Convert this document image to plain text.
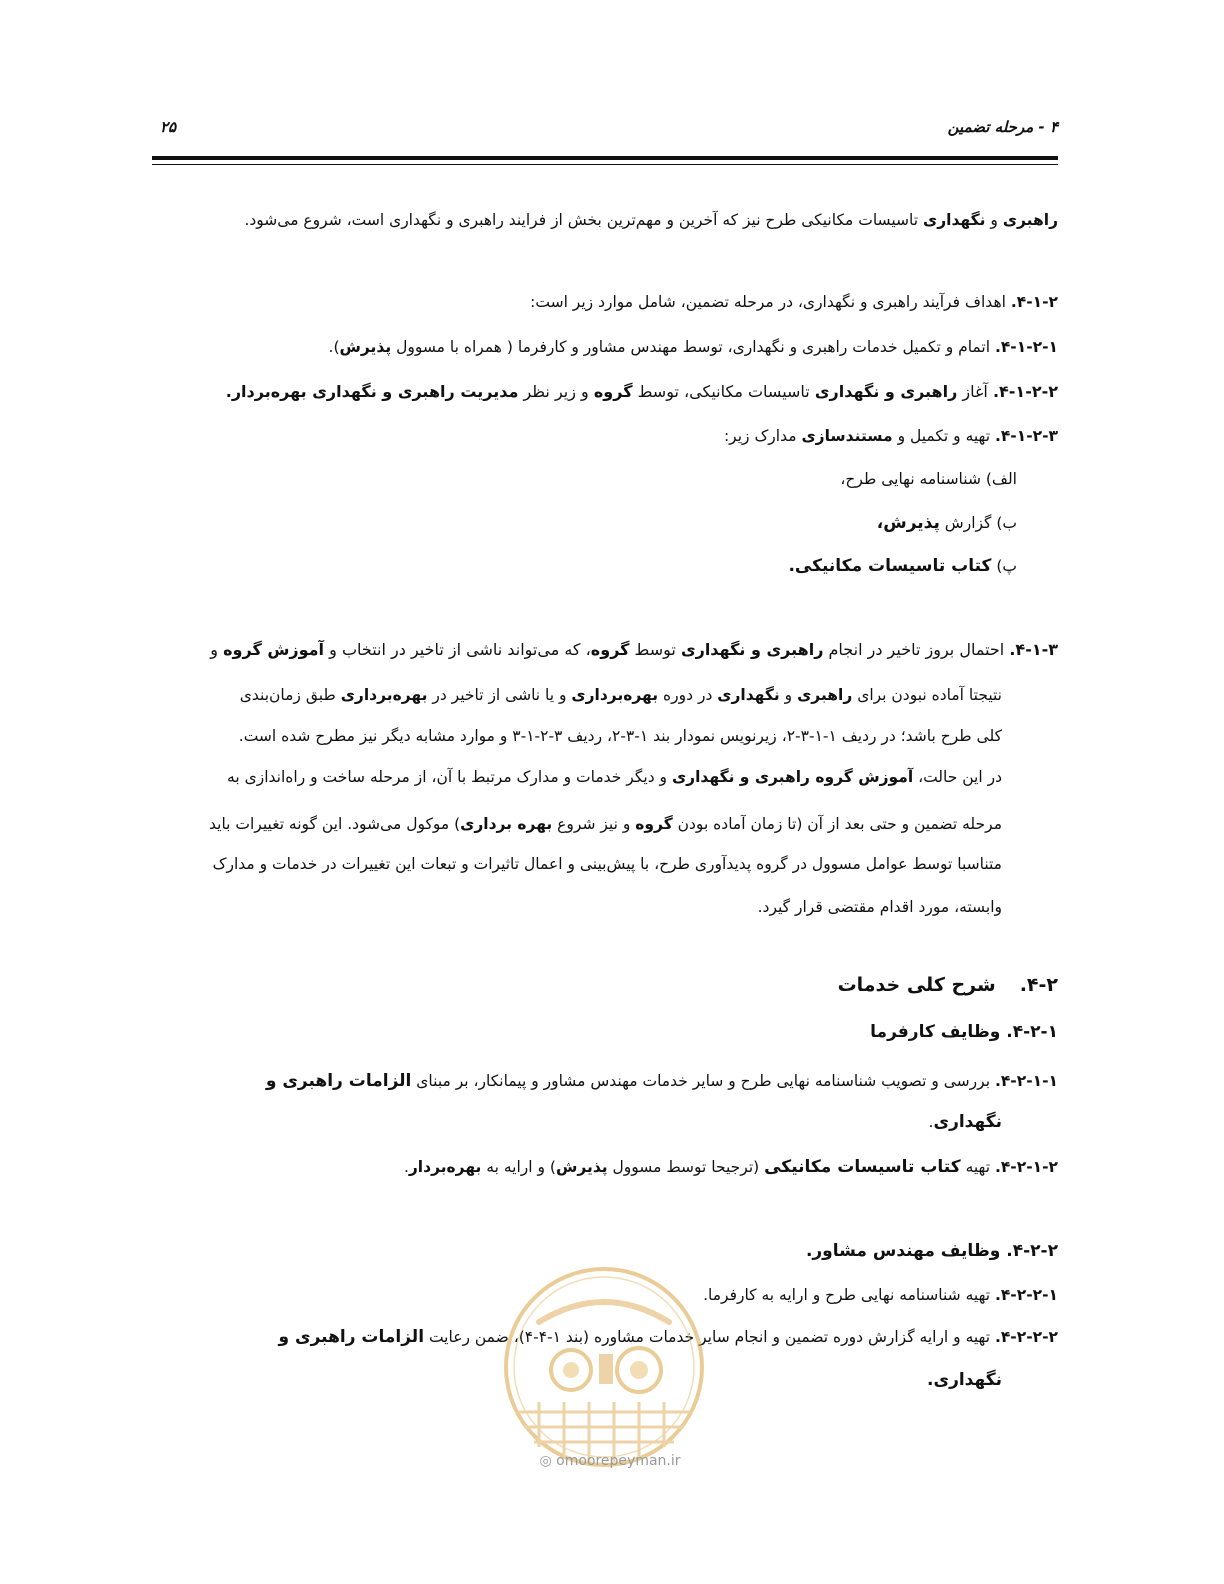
۲۵	۴ - مرحله تضمین
راهبری و نگهداری تاسیسات مکانیکی طرح نیز که آخرین و مهم‌ترین بخش از فرایند راهبری و نگهداری است، شروع می‌شود.
۴-۱-۲. اهداف فرآیند راهبری و نگهداری، در مرحله تضمین، شامل موارد زیر است:
۴-۱-۲-۱. اتمام و تکمیل خدمات راهبری و نگهداری، توسط مهندس مشاور و کارفرما ( همراه با مسوول پذیرش).
۴-۱-۲-۲. آغاز راهبری و نگهداری تاسیسات مکانیکی، توسط گروه و زیر نظر مدیریت راهبری و نگهداری بهره‌بردار.
۴-۱-۲-۳. تهیه و تکمیل و مستندسازی مدارک زیر:
الف) شناسنامه نهایی طرح،
ب) گزارش پذیرش،
پ) کتاب تاسیسات مکانیکی.
۴-۱-۳. احتمال بروز تاخیر در انجام راهبری و نگهداری توسط گروه، که می‌تواند ناشی از تاخیر در انتخاب و آموزش گروه و
نتیجتا آماده نبودن برای راهبری و نگهداری در دوره بهره‌برداری و یا ناشی از تاخیر در بهره‌برداری طبق زمان‌بندی
کلی طرح باشد؛ در ردیف ۱-۱-۳-۲، زیرنویس نمودار بند ۱-۳-۲، ردیف ۳-۲-۱-۳ و موارد مشابه دیگر نیز مطرح شده است.
در این حالت، آموزش گروه راهبری و نگهداری و دیگر خدمات و مدارک مرتبط با آن، از مرحله ساخت و راه‌اندازی به
مرحله تضمین و حتی بعد از آن (تا زمان آماده بودن گروه و نیز شروع بهره برداری) موکول می‌شود. این گونه تغییرات باید
متناسبا توسط عوامل مسوول در گروه پدیدآوری طرح، با پیش‌بینی و اعمال تاثیرات و تبعات این تغییرات در خدمات و مدارک
وابسته، مورد اقدام مقتضی قرار گیرد.
۴-۲.شرح کلی خدمات
۴-۲-۱. وظایف کارفرما
۴-۲-۱-۱. بررسی و تصویب شناسنامه نهایی طرح و سایر خدمات مهندس مشاور و پیمانکار، بر مبنای الزامات راهبری و
نگهداری.
۴-۲-۱-۲. تهیه کتاب تاسیسات مکانیکی (ترجیحا توسط مسوول پذیرش) و ارایه به بهره‌بردار.
۴-۲-۲. وظایف مهندس مشاور.
۴-۲-۲-۱. تهیه شناسنامه نهایی طرح و ارایه به کارفرما.
۴-۲-۲-۲. تهیه و ارایه گزارش دوره تضمین و انجام سایر خدمات مشاوره (بند ۱-۴-۴)، ضمن رعایت الزامات راهبری و
نگهداری.
◎ omoorepeyman.ir
